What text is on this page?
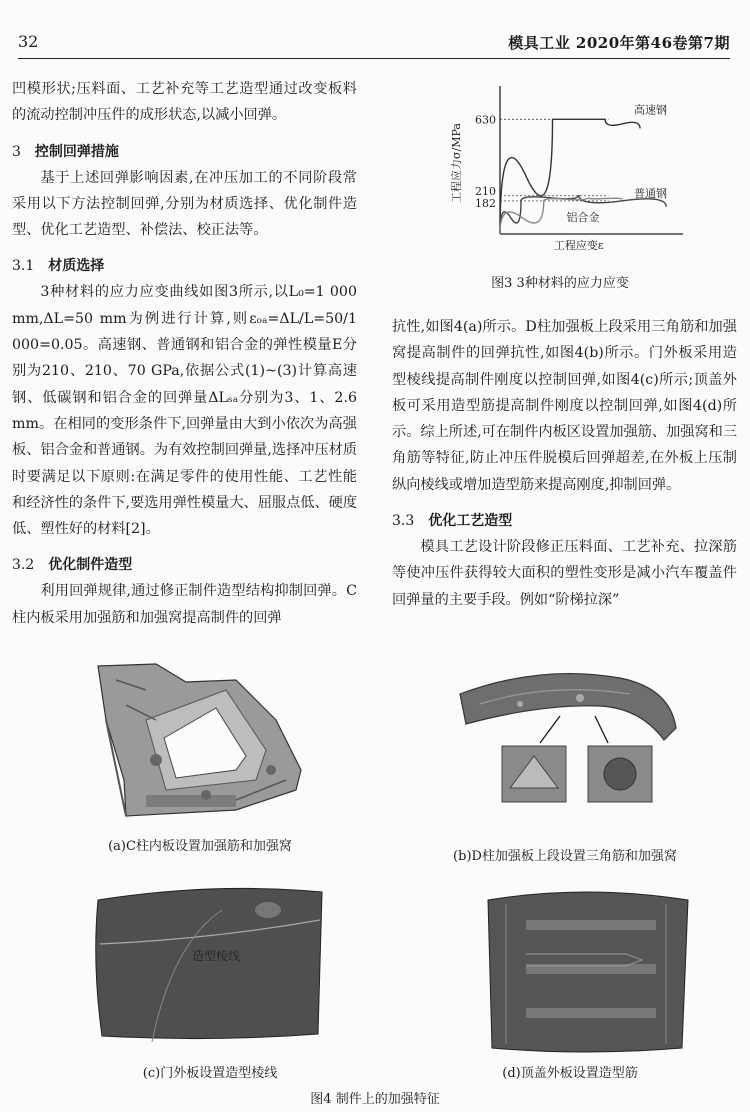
32	模具工业 2020年第46卷第7期

凹模形状;压料面、工艺补充等工艺造型通过改变板料的流动控制冲压件的成形状态,以减小回弹。

3 控制回弹措施

基于上述回弹影响因素,在冲压加工的不同阶段常采用以下方法控制回弹,分别为材质选择、优化制件造型、优化工艺造型、补偿法、校正法等。

3.1 材质选择

3种材料的应力应变曲线如图3所示,以L₀=1 000 mm,ΔL=50 mm为例进行计算,则εₒₐ=ΔL/L=50/1 000=0.05。高速钢、普通钢和铝合金的弹性模量E分别为210、210、70 GPa,依据公式(1)~(3)计算高速钢、低碳钢和铝合金的回弹量ΔLₛₐ分别为3、1、2.6 mm。在相同的变形条件下,回弹量由大到小依次为高强板、铝合金和普通钢。为有效控制回弹量,选择冲压材质时要满足以下原则:在满足零件的使用性能、工艺性能和经济性的条件下,要选用弹性模量大、屈服点低、硬度低、塑性好的材料[2]。

3.2 优化制件造型

利用回弹规律,通过修正制件造型结构抑制回弹。C柱内板采用加强筋和加强窝提高制件的回弹

182
210
630
工程应变ε
工程应力σ/MPa
高速钢
普通钢
铝合金
图3 3种材料的应力应变

抗性,如图4(a)所示。D柱加强板上段采用三角筋和加强窝提高制件的回弹抗性,如图4(b)所示。门外板采用造型棱线提高制件刚度以控制回弹,如图4(c)所示;顶盖外板可采用造型筋提高制件刚度以控制回弹,如图4(d)所示。综上所述,可在制件内板区设置加强筋、加强窝和三角筋等特征,防止冲压件脱模后回弹超差,在外板上压制纵向棱线或增加造型筋来提高刚度,抑制回弹。

3.3 优化工艺造型

模具工艺设计阶段修正压料面、工艺补充、拉深筋等使冲压件获得较大面积的塑性变形是减小汽车覆盖件回弹量的主要手段。例如“阶梯拉深”

(a)C柱内板设置加强筋和加强窝
(b)D柱加强板上段设置三角筋和加强窝
造型棱线
(c)门外板设置造型棱线	(d)顶盖外板设置造型筋
图4 制件上的加强特征
